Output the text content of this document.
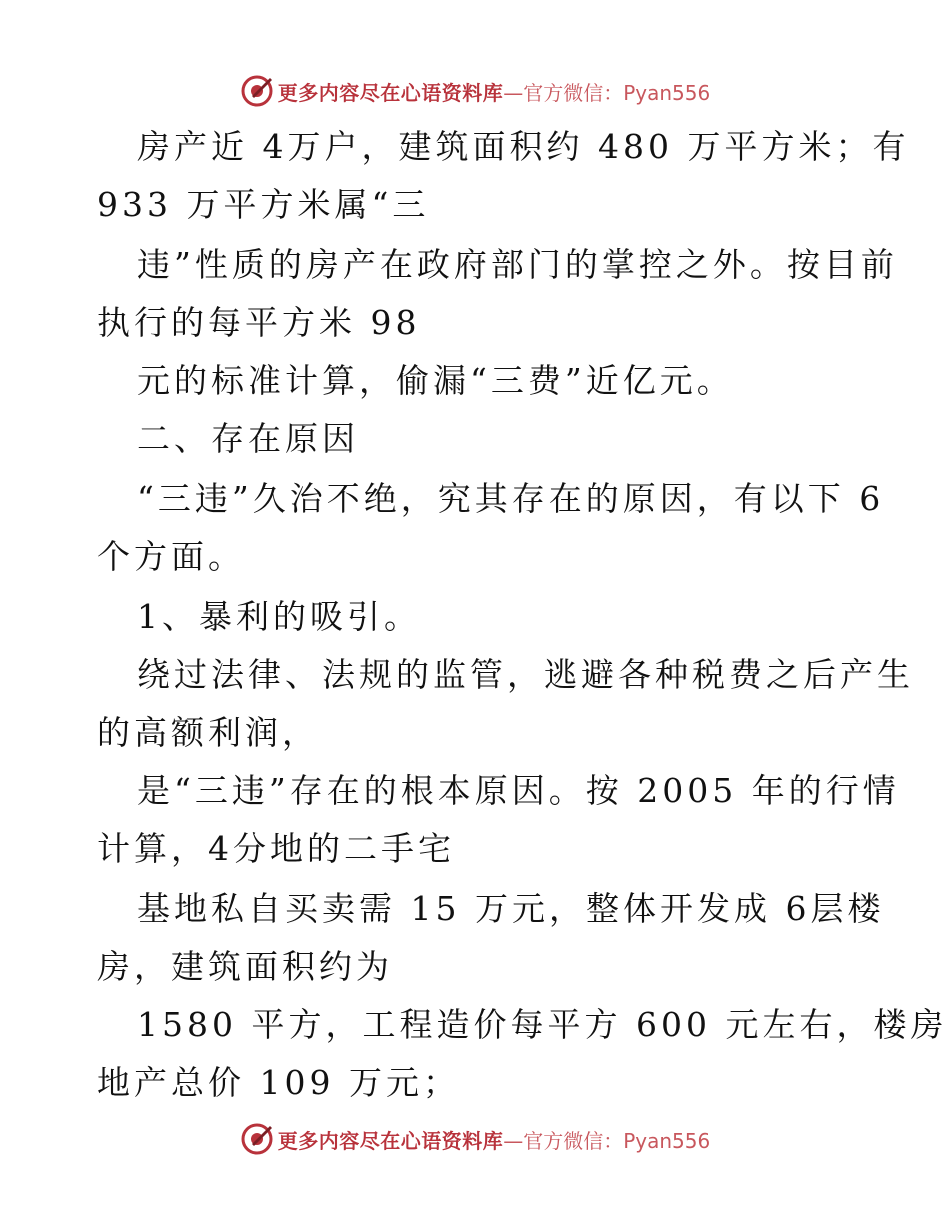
更多内容尽在心语资料库 —官方微信：Pyan556
房产近 4万户，建筑面积约 480 万平方米；有
933 万平方米属“三
违”性质的房产在政府部门的掌控之外。按目前
执行的每平方米 98
元的标准计算，偷漏“三费”近亿元。
二、存在原因
“三违”久治不绝，究其存在的原因，有以下 6
个方面。
1、暴利的吸引。
绕过法律、法规的监管，逃避各种税费之后产生
的高额利润，
是“三违”存在的根本原因。按 2005 年的行情
计算，4分地的二手宅
基地私自买卖需 15 万元，整体开发成 6层楼
房，建筑面积约为
1580 平方，工程造价每平方 600 元左右，楼房
地产总价 109 万元；
更多内容尽在心语资料库 —官方微信：Pyan556
